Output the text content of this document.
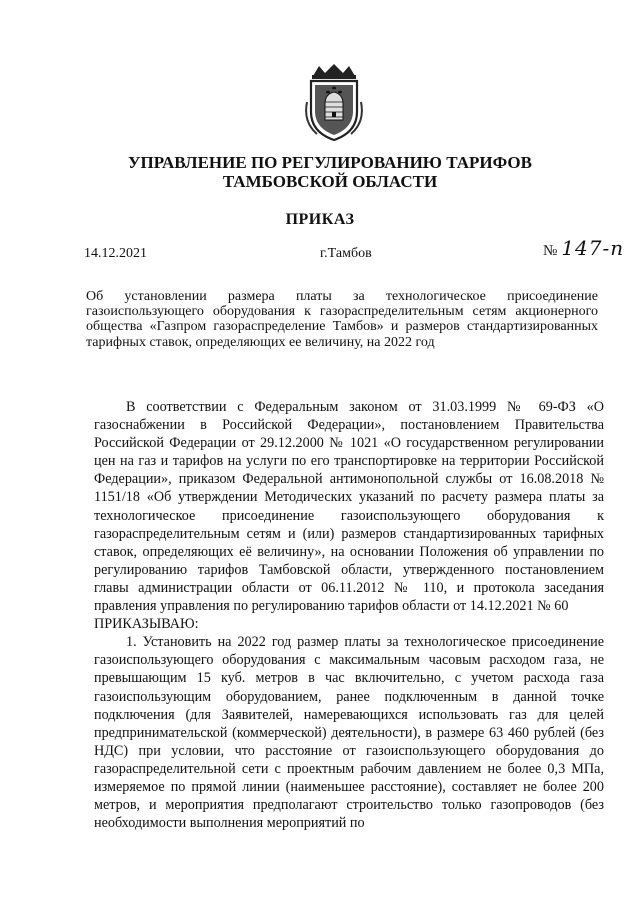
УПРАВЛЕНИЕ ПО РЕГУЛИРОВАНИЮ ТАРИФОВ
ТАМБОВСКОЙ ОБЛАСТИ
ПРИКАЗ
14.12.2021	г.Тамбов	№ 147-п
Об установлении размера платы за технологическое присоединение газоиспользующего оборудования к газораспределительным сетям акционерного общества «Газпром газораспределение Тамбов» и размеров стандартизированных тарифных ставок, определяющих ее величину, на 2022 год

В соответствии с Федеральным законом от 31.03.1999 № 69-ФЗ «О газоснабжении в Российской Федерации», постановлением Правительства Российской Федерации от 29.12.2000 № 1021 «О государственном регулировании цен на газ и тарифов на услуги по его транспортировке на территории Российской Федерации», приказом Федеральной антимонопольной службы от 16.08.2018 № 1151/18 «Об утверждении Методических указаний по расчету размера платы за технологическое присоединение газоиспользующего оборудования к газораспределительным сетям и (или) размеров стандартизированных тарифных ставок, определяющих её величину», на основании Положения об управлении по регулированию тарифов Тамбовской области, утвержденного постановлением главы администрации области от 06.11.2012 № 110, и протокола заседания правления управления по регулированию тарифов области от 14.12.2021 № 60

ПРИКАЗЫВАЮ:

1. Установить на 2022 год размер платы за технологическое присоединение газоиспользующего оборудования с максимальным часовым расходом газа, не превышающим 15 куб. метров в час включительно, с учетом расхода газа газоиспользующим оборудованием, ранее подключенным в данной точке подключения (для Заявителей, намеревающихся использовать газ для целей предпринимательской (коммерческой) деятельности), в размере 63 460 рублей (без НДС) при условии, что расстояние от газоиспользующего оборудования до газораспределительной сети с проектным рабочим давлением не более 0,3 МПа, измеряемое по прямой линии (наименьшее расстояние), составляет не более 200 метров, и мероприятия предполагают строительство только газопроводов (без необходимости выполнения мероприятий по
